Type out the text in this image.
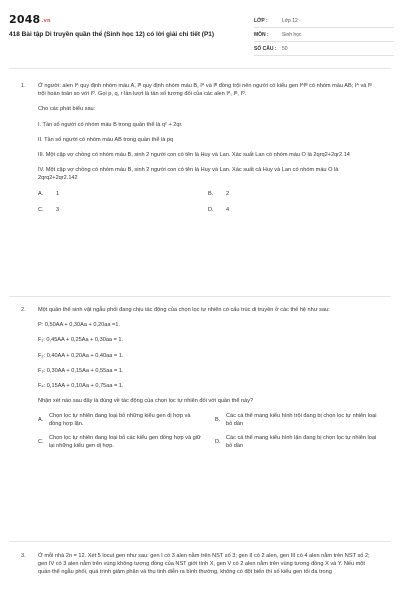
2048.vn
418 Bài tập Di truyền quần thể (Sinh học 12) có lời giải chi tiết (P1)
LỚP :	Lớp 12
MÔN :	Sinh học
SỐ CÂU :	50
1. Ở người: alen Iᴬ quy định nhóm máu A, Iᴮ quy định nhóm máu B, Iᴬ và Iᴮ đồng trội nên người có kiểu gen IᴬIᴮ có nhóm máu AB; Iᴬ và Iᴮ trội hoàn toàn so với Iᴼ. Gọi p, q, r lần lượt là tần số tương đối của các alen Iᴬ, Iᴮ, Iᴼ.

Cho các phát biểu sau:

I. Tần số người có nhóm máu B trong quần thể là q² + 2qr.

II. Tần số người có nhóm máu AB trong quần thể là pq

III. Một cặp vợ chồng có nhóm máu B, sinh 2 người con có tên là Huy và Lan. Xác suất Lan có nhóm máu O là 2qrq2+2qr2.14

IV. Một cặp vợ chồng có nhóm máu B, sinh 2 người con có tên là Huy và Lan. Xác suất cả Huy và Lan có nhóm máu O là 2qrq2+2qr2.142

A. 1	B. 2
C. 3	D. 4
2. Một quần thể sinh vật ngẫu phối đang chịu tác động của chọn lọc tự nhiên có cấu trúc di truyền ở các thế hệ như sau:

P: 0,50AA + 0,30Aa + 0,20aa =1.

F₁: 0,45AA + 0,25Aa + 0,30aa = 1.

F₂: 0,40AA + 0,20Aa + 0,40aa = 1.

F₃: 0,30AA + 0,15Aa + 0,55aa = 1.

F₄: 0,15AA + 0,10Aa + 0,75aa = 1.

Nhận xét nào sau đây là đúng về tác động của chọn lọc tự nhiên đối với quần thể này?

A.
Chọn lọc tự nhiên đang loại bỏ những kiểu gen dị hợp và đồng hợp lặn.
B.
Các cá thể mang kiểu hình trội đang bị chọn lọc tự nhiên loại bỏ dần
C.
Chọn lọc tự nhiên đang loại bỏ các kiểu gen đồng hợp và giữ lại những kiểu gen dị hợp.
D.
Các cá thể mang kiểu hình lặn đang bị chọn lọc tự nhiên loại bỏ dần
3. Ở mỗi nhà 2n = 12. Xét 5 locut gen như sau: gen I có 3 alen nằm trên NST số 3; gen II có 2 alen, gen III có 4 alen nằm trên NST số 2; gen IV có 3 alen nằm trên vùng không tương đồng của NST giới tính X, gen V có 2 alen nằm trên vùng tương đồng X và Y. Nếu một quần thể ngẫu phối, quá trình giảm phân và thụ tinh diễn ra bình thường, không có đột biến thì số kiểu gen tối đa trong
